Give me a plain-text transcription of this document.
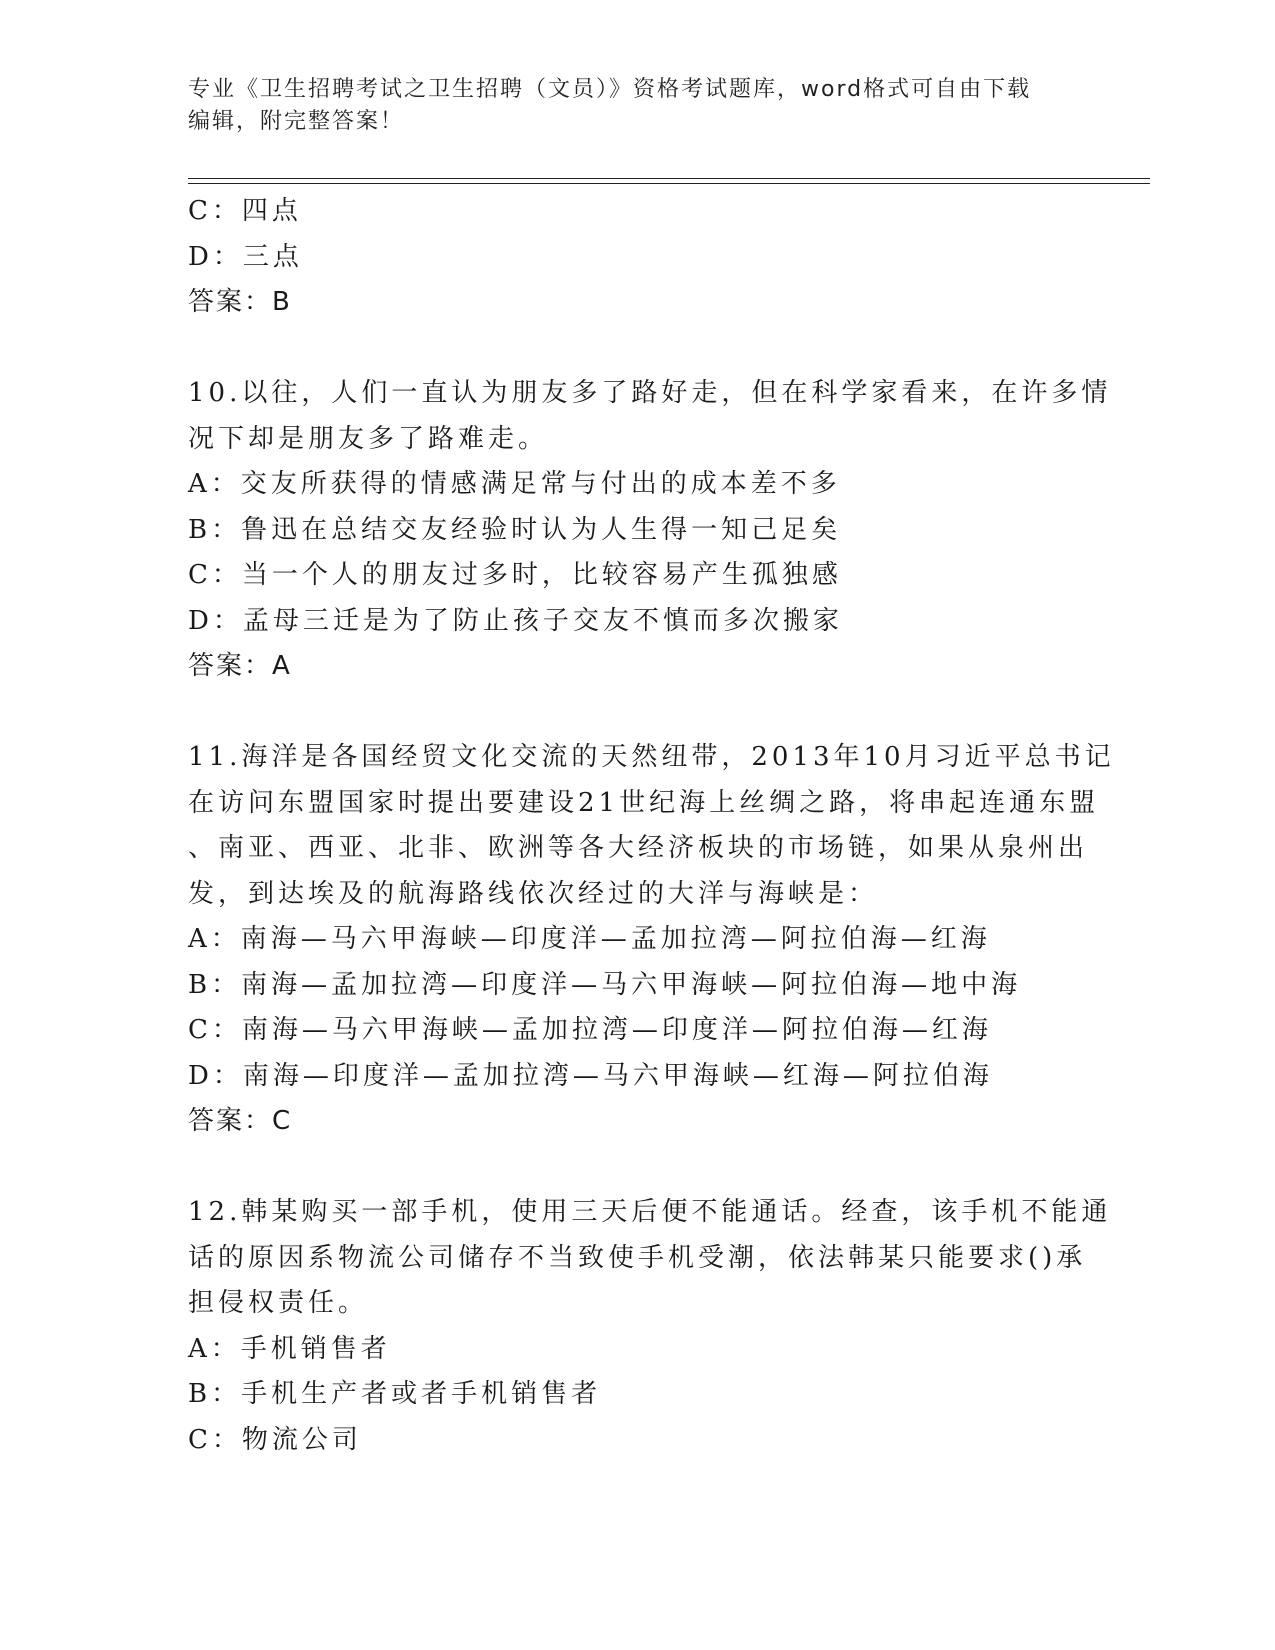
专业《卫生招聘考试之卫生招聘（文员）》资格考试题库，word格式可自由下载
编辑，附完整答案！
C：四点
D：三点
答案：B
10.以往，人们一直认为朋友多了路好走，但在科学家看来，在许多情
况下却是朋友多了路难走。
A：交友所获得的情感满足常与付出的成本差不多
B：鲁迅在总结交友经验时认为人生得一知己足矣
C：当一个人的朋友过多时，比较容易产生孤独感
D：孟母三迁是为了防止孩子交友不慎而多次搬家
答案：A
11.海洋是各国经贸文化交流的天然纽带，2013年10月习近平总书记
在访问东盟国家时提出要建设21世纪海上丝绸之路，将串起连通东盟
、南亚、西亚、北非、欧洲等各大经济板块的市场链，如果从泉州出
发，到达埃及的航海路线依次经过的大洋与海峡是：
A：南海—马六甲海峡—印度洋—孟加拉湾—阿拉伯海—红海
B：南海—孟加拉湾—印度洋—马六甲海峡—阿拉伯海—地中海
C：南海—马六甲海峡—孟加拉湾—印度洋—阿拉伯海—红海
D：南海—印度洋—孟加拉湾—马六甲海峡—红海—阿拉伯海
答案：C
12.韩某购买一部手机，使用三天后便不能通话。经查，该手机不能通
话的原因系物流公司储存不当致使手机受潮，依法韩某只能要求()承
担侵权责任。
A：手机销售者
B：手机生产者或者手机销售者
C：物流公司
